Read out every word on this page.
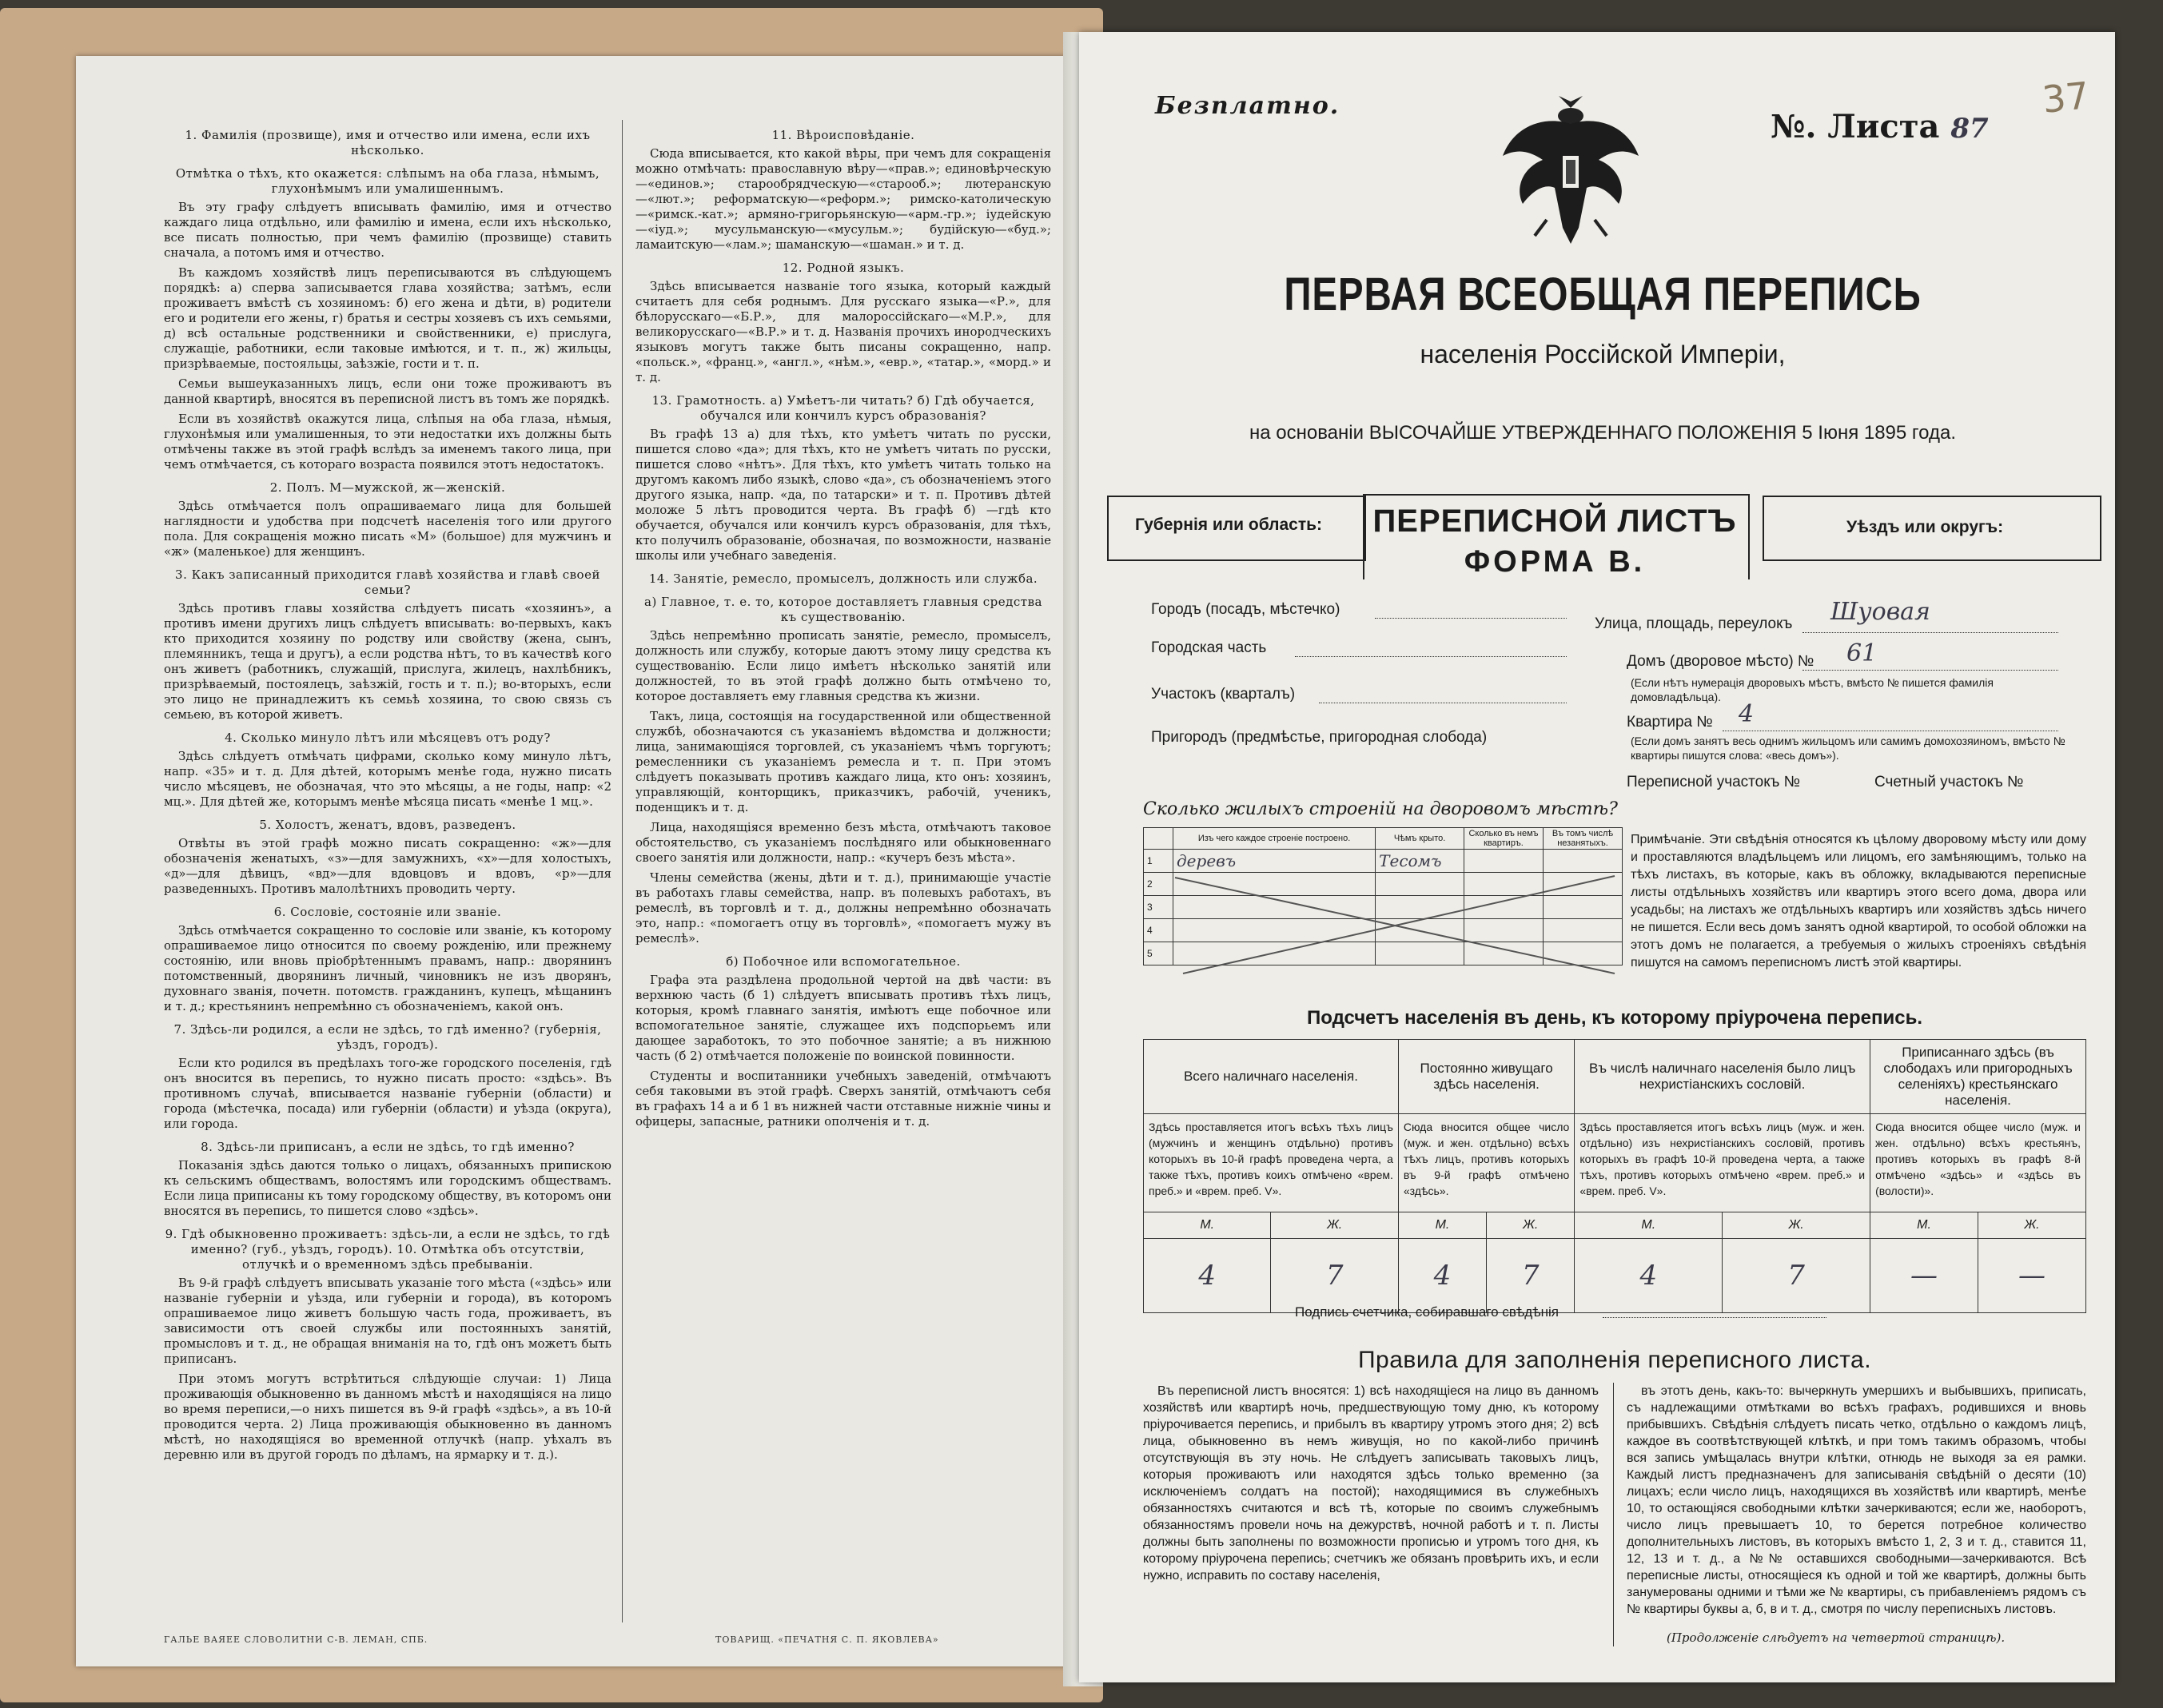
1. Фамилія (прозвище), имя и отчество или имена, если ихъ нѣсколько.
Отмѣтка о тѣхъ, кто окажется: слѣпымъ на оба глаза, нѣмымъ, глухонѣмымъ или умалишеннымъ.

Въ эту графу слѣдуетъ вписывать фамилію, имя и отчество каждаго лица отдѣльно, или фамилію и имена, если ихъ нѣсколько, все писать полностью, при чемъ фамилію (прозвище) ставить сначала, а потомъ имя и отчество.

Въ каждомъ хозяйствѣ лицъ переписываются въ слѣдующемъ порядкѣ: а) сперва записывается глава хозяйства; затѣмъ, если проживаетъ вмѣстѣ съ хозяиномъ: б) его жена и дѣти, в) родители его и родители его жены, г) братья и сестры хозяевъ съ ихъ семьями, д) всѣ остальные родственники и свойственники, е) прислуга, служащіе, работники, если таковые имѣются, и т. п., ж) жильцы, призрѣваемые, постояльцы, заѣзжіе, гости и т. п.

Семьи вышеуказанныхъ лицъ, если они тоже проживаютъ въ данной квартирѣ, вносятся въ переписной листъ въ томъ же порядкѣ.

Если въ хозяйствѣ окажутся лица, слѣпыя на оба глаза, нѣмыя, глухонѣмыя или умалишенныя, то эти недостатки ихъ должны быть отмѣчены также въ этой графѣ вслѣдъ за именемъ такого лица, при чемъ отмѣчается, съ котораго возраста появился этотъ недостатокъ.

2. Полъ. М—мужской, ж—женскій.

Здѣсь отмѣчается полъ опрашиваемаго лица для большей наглядности и удобства при подсчетѣ населенія того или другого пола. Для сокращенія можно писать «М» (большое) для мужчинъ и «ж» (маленькое) для женщинъ.

3. Какъ записанный приходится главѣ хозяйства и главѣ своей семьи?

Здѣсь противъ главы хозяйства слѣдуетъ писать «хозяинъ», а противъ имени другихъ лицъ слѣдуетъ вписывать: во-первыхъ, какъ кто приходится хозяину по родству или свойству (жена, сынъ, племянникъ, теща и другъ), а если родства нѣтъ, то въ качествѣ кого онъ живетъ (работникъ, служащій, прислуга, жилецъ, нахлѣбникъ, призрѣваемый, постоялецъ, заѣзжій, гость и т. п.); во-вторыхъ, если это лицо не принадлежитъ къ семьѣ хозяина, то свою связь съ семьею, въ которой живетъ.

4. Сколько минуло лѣтъ или мѣсяцевъ отъ роду?

Здѣсь слѣдуетъ отмѣчать цифрами, сколько кому минуло лѣтъ, напр. «35» и т. д. Для дѣтей, которымъ менѣе года, нужно писать число мѣсяцевъ, не обозначая, что это мѣсяцы, а не годы, напр: «2 мц.». Для дѣтей же, которымъ менѣе мѣсяца писать «менѣе 1 мц.».

5. Холостъ, женатъ, вдовъ, разведенъ.

Отвѣты въ этой графѣ можно писать сокращенно: «ж»—для обозначенія женатыхъ, «з»—для замужнихъ, «х»—для холостыхъ, «д»—для дѣвицъ, «вд»—для вдовцовъ и вдовъ, «р»—для разведенныхъ. Противъ малолѣтнихъ проводить черту.

6. Сословіе, состояніе или званіе.

Здѣсь отмѣчается сокращенно то сословіе или званіе, къ которому опрашиваемое лицо относится по своему рожденію, или прежнему состоянію, или вновь пріобрѣтеннымъ правамъ, напр.: дворянинъ потомственный, дворянинъ личный, чиновникъ не изъ дворянъ, духовнаго званія, почетн. потомств. гражданинъ, купецъ, мѣщанинъ и т. д.; крестьянинъ непремѣнно съ обозначеніемъ, какой онъ.

7. Здѣсь-ли родился, а если не здѣсь, то гдѣ именно? (губернія, уѣздъ, городъ).

Если кто родился въ предѣлахъ того-же городского поселенія, гдѣ онъ вносится въ перепись, то нужно писать просто: «здѣсь». Въ противномъ случаѣ, вписывается названіе губерніи (области) и города (мѣстечка, посада) или губерніи (области) и уѣзда (округа), или города.

8. Здѣсь-ли приписанъ, а если не здѣсь, то гдѣ именно?

Показанія здѣсь даются только о лицахъ, обязанныхъ припискою къ сельскимъ обществамъ, волостямъ или городскимъ обществамъ. Если лица приписаны къ тому городскому обществу, въ которомъ они вносятся въ перепись, то пишется слово «здѣсь».

9. Гдѣ обыкновенно проживаетъ: здѣсь-ли, а если не здѣсь, то гдѣ именно? (губ., уѣздъ, городъ). 10. Отмѣтка объ отсутствіи, отлучкѣ и о временномъ здѣсь пребываніи.

Въ 9-й графѣ слѣдуетъ вписывать указаніе того мѣста («здѣсь» или названіе губерніи и уѣзда, или губерніи и города), въ которомъ опрашиваемое лицо живетъ большую часть года, проживаетъ, въ зависимости отъ своей службы или постоянныхъ занятій, промысловъ и т. д., не обращая вниманія на то, гдѣ онъ можетъ быть приписанъ.

При этомъ могутъ встрѣтиться слѣдующіе случаи: 1) Лица проживающія обыкновенно въ данномъ мѣстѣ и находящіяся на лицо во время переписи,—о нихъ пишется въ 9-й графѣ «здѣсь», а въ 10-й проводится черта. 2) Лица проживающія обыкновенно въ данномъ мѣстѣ, но находящіяся во временной отлучкѣ (напр. уѣхалъ въ деревню или въ другой городъ по дѣламъ, на ярмарку и т. д.).

11. Вѣроисповѣданіе.

Сюда вписывается, кто какой вѣры, при чемъ для сокращенія можно отмѣчать: православную вѣру—«прав.»; единовѣрческую—«единов.»; старообрядческую—«старооб.»; лютеранскую—«лют.»; реформатскую—«реформ.»; римско-католическую—«римск.-кат.»; армяно-григорьянскую—«арм.-гр.»; іудейскую—«іуд.»; мусульманскую—«мусульм.»; будійскую—«буд.»; ламаитскую—«лам.»; шаманскую—«шаман.» и т. д.

12. Родной языкъ.

Здѣсь вписывается названіе того языка, который каждый считаетъ для себя роднымъ. Для русскаго языка—«Р.», для бѣлорусскаго—«Б.Р.», для малороссійскаго—«М.Р.», для великорусскаго—«В.Р.» и т. д. Названія прочихъ инородческихъ языковъ могутъ также быть писаны сокращенно, напр. «польск.», «франц.», «англ.», «нѣм.», «евр.», «татар.», «морд.» и т. д.

13. Грамотность. а) Умѣетъ-ли читать? б) Гдѣ обучается, обучался или кончилъ курсъ образованія?

Въ графѣ 13 а) для тѣхъ, кто умѣетъ читать по русски, пишется слово «да»; для тѣхъ, кто не умѣетъ читать по русски, пишется слово «нѣтъ». Для тѣхъ, кто умѣетъ читать только на другомъ какомъ либо языкѣ, слово «да», съ обозначеніемъ этого другого языка, напр. «да, по татарски» и т. п. Противъ дѣтей моложе 5 лѣтъ проводится черта. Въ графѣ б) —гдѣ кто обучается, обучался или кончилъ курсъ образованія, для тѣхъ, кто получилъ образованіе, обозначая, по возможности, названіе школы или учебнаго заведенія.

14. Занятіе, ремесло, промыселъ, должность или служба.
а) Главное, т. е. то, которое доставляетъ главныя средства къ существованію.

Здѣсь непремѣнно прописать занятіе, ремесло, промыселъ, должность или службу, которые даютъ этому лицу средства къ существованію. Если лицо имѣетъ нѣсколько занятій или должностей, то въ этой графѣ должно быть отмѣчено то, которое доставляетъ ему главныя средства къ жизни.

Такъ, лица, состоящія на государственной или общественной службѣ, обозначаются съ указаніемъ вѣдомства и должности; лица, занимающіяся торговлей, съ указаніемъ чѣмъ торгуютъ; ремесленники съ указаніемъ ремесла и т. п. При этомъ слѣдуетъ показывать противъ каждаго лица, кто онъ: хозяинъ, управляющій, конторщикъ, приказчикъ, рабочій, ученикъ, поденщикъ и т. д.

Лица, находящіяся временно безъ мѣста, отмѣчаютъ таковое обстоятельство, съ указаніемъ послѣдняго или обыкновеннаго своего занятія или должности, напр.: «кучеръ безъ мѣста».

Члены семейства (жены, дѣти и т. д.), принимающіе участіе въ работахъ главы семейства, напр. въ полевыхъ работахъ, въ ремеслѣ, въ торговлѣ и т. д., должны непремѣнно обозначать это, напр.: «помогаетъ отцу въ торговлѣ», «помогаетъ мужу въ ремеслѣ».

б) Побочное или вспомогательное.

Графа эта раздѣлена продольной чертой на двѣ части: въ верхнюю часть (б 1) слѣдуетъ вписывать противъ тѣхъ лицъ, которыя, кромѣ главнаго занятія, имѣютъ еще побочное или вспомогательное занятіе, служащее ихъ подспорьемъ или дающее заработокъ, то это побочное занятіе; а въ нижнюю часть (б 2) отмѣчается положеніе по воинской повинности.

Студенты и воспитанники учебныхъ заведеній, отмѣчаютъ себя таковыми въ этой графѣ. Сверхъ занятій, отмѣчаютъ себя въ графахъ 14 а и б 1 въ нижней части отставные нижніе чины и офицеры, запасные, ратники ополченія и т. д.

ГАЛЬЕ ВАЯЕЕ СЛОВОЛИТНИ С-В. ЛЕМАН, СПБ.	ТОВАРИЩ. «ПЕЧАТНЯ С. П. ЯКОВЛЕВА»
Безплатно.
№. Листа 87
37
ПЕРВАЯ ВСЕОБЩАЯ ПЕРЕПИСЬ
населенія Россійской Имперіи,
на основаніи ВЫСОЧАЙШЕ УТВЕРЖДЕННАГО ПОЛОЖЕНІЯ 5 Іюня 1895 года.
Губернія или область:	ПЕРЕПИСНОЙ ЛИСТЪ
ФОРМА В.
Уѣздъ или округъ:
Городъ (посадъ, мѣстечко)
Городская часть
Участокъ (кварталъ)
Пригородъ (предмѣстье, пригородная слобода)
Улица, площадь, переулокъ Шуовая
Домъ (дворовое мѣсто) № 61
(Если нѣтъ нумерація дворовыхъ мѣстъ, вмѣсто № пишется фамилія домовладѣльца).
Квартира № 4
(Если домъ занятъ весь однимъ жильцомъ или самимъ домохозяиномъ, вмѣсто № квартиры пишутся слова: «весь домъ»).
Переписной участокъ №	Счетный участокъ №
Сколько жилыхъ строеній на дворовомъ мѣстѣ?
	Изъ чего каждое строеніе построено.	Чѣмъ крыто.	Сколько въ немъ квартиръ.	Въ томъ числѣ незанятыхъ.
1	деревъ	Тесомъ		
2				
3				
4				
5				
Примѣчаніе. Эти свѣдѣнія относятся къ цѣлому дворовому мѣсту или дому и проставляются владѣльцемъ или лицомъ, его замѣняющимъ, только на тѣхъ листахъ, въ которые, какъ въ обложку, вкладываются переписные листы отдѣльныхъ хозяйствъ или квартиръ этого всего дома, двора или усадьбы; на листахъ же отдѣльныхъ квартиръ или хозяйствъ здѣсь ничего не пишется. Если весь домъ занятъ одной квартирой, то особой обложки на этотъ домъ не полагается, а требуемыя о жилыхъ строеніяхъ свѣдѣнія пишутся на самомъ переписномъ листѣ этой квартиры.
Подсчетъ населенія въ день, къ которому пріурочена перепись.
Всего наличнаго населенія.		Постоянно живущаго здѣсь населенія.		Въ числѣ наличнаго населенія было лицъ нехристіанскихъ сословій.		Приписаннаго здѣсь (въ слободахъ или пригородныхъ селеніяхъ) крестьянскаго населенія.	
Здѣсь проставляется итогъ всѣхъ тѣхъ лицъ (мужчинъ и женщинъ отдѣльно) противъ которыхъ въ 10-й графѣ проведена черта, а также тѣхъ, противъ коихъ отмѣчено «врем. преб.» и «врем. преб. V».		Сюда вносится общее число (муж. и жен. отдѣльно) всѣхъ тѣхъ лицъ, противъ которыхъ въ 9-й графѣ отмѣчено «здѣсь».		Здѣсь проставляется итогъ всѣхъ лицъ (муж. и жен. отдѣльно) изъ нехристіанскихъ сословій, противъ которыхъ въ графѣ 10-й проведена черта, а также тѣхъ, противъ которыхъ отмѣчено «врем. преб.» и «врем. преб. V».		Сюда вносится общее число (муж. и жен. отдѣльно) всѣхъ крестьянъ, противъ которыхъ въ графѣ 8-й отмѣчено «здѣсь» и «здѣсь въ (волости)».	
М.	Ж.	М.	Ж.	М.	Ж.	М.	Ж.
4	7	4	7	4	7	—	—
Подпись счетчика, собиравшаго свѣдѣнія
Правила для заполненія переписного листа.

Въ переписной листъ вносятся: 1) всѣ находящіеся на лицо въ данномъ хозяйствѣ или квартирѣ ночь, предшествующую тому дню, къ которому пріурочивается перепись, и прибылъ въ квартиру утромъ этого дня; 2) всѣ лица, обыкновенно въ немъ живущія, но по какой-либо причинѣ отсутствующія въ эту ночь. Не слѣдуетъ записывать таковыхъ лицъ, которыя проживаютъ или находятся здѣсь только временно (за исключеніемъ солдатъ на постой); находящимися въ служебныхъ обязанностяхъ считаются и всѣ тѣ, которые по своимъ служебнымъ обязанностямъ провели ночь на дежурствѣ, ночной работѣ и т. п. Листы должны быть заполнены по возможности прописью и утромъ того дня, къ которому пріурочена перепись; счетчикъ же обязанъ провѣрить ихъ, и если нужно, исправить по составу населенія,

въ этотъ день, какъ-то: вычеркнуть умершихъ и выбывшихъ, приписать, съ надлежащими отмѣтками во всѣхъ графахъ, родившихся и вновь прибывшихъ. Свѣдѣнія слѣдуетъ писать четко, отдѣльно о каждомъ лицѣ, каждое въ соотвѣтствующей клѣткѣ, и при томъ такимъ образомъ, чтобы вся запись умѣщалась внутри клѣтки, отнюдь не выходя за ея рамки. Каждый листъ предназначенъ для записыванія свѣдѣній о десяти (10) лицахъ; если число лицъ, находящихся въ хозяйствѣ или квартирѣ, менѣе 10, то остающіяся свободными клѣтки зачеркиваются; если же, наоборотъ, число лицъ превышаетъ 10, то берется потребное количество дополнительныхъ листовъ, въ которыхъ вмѣсто 1, 2, 3 и т. д., ставится 11, 12, 13 и т. д., а №№ оставшихся свободными—зачеркиваются. Всѣ переписные листы, относящіеся къ одной и той же квартирѣ, должны быть занумерованы одними и тѣми же № квартиры, съ прибавленіемъ рядомъ съ № квартиры буквы а, б, в и т. д., смотря по числу переписныхъ листовъ.

(Продолженіе слѣдуетъ на четвертой страницѣ).
